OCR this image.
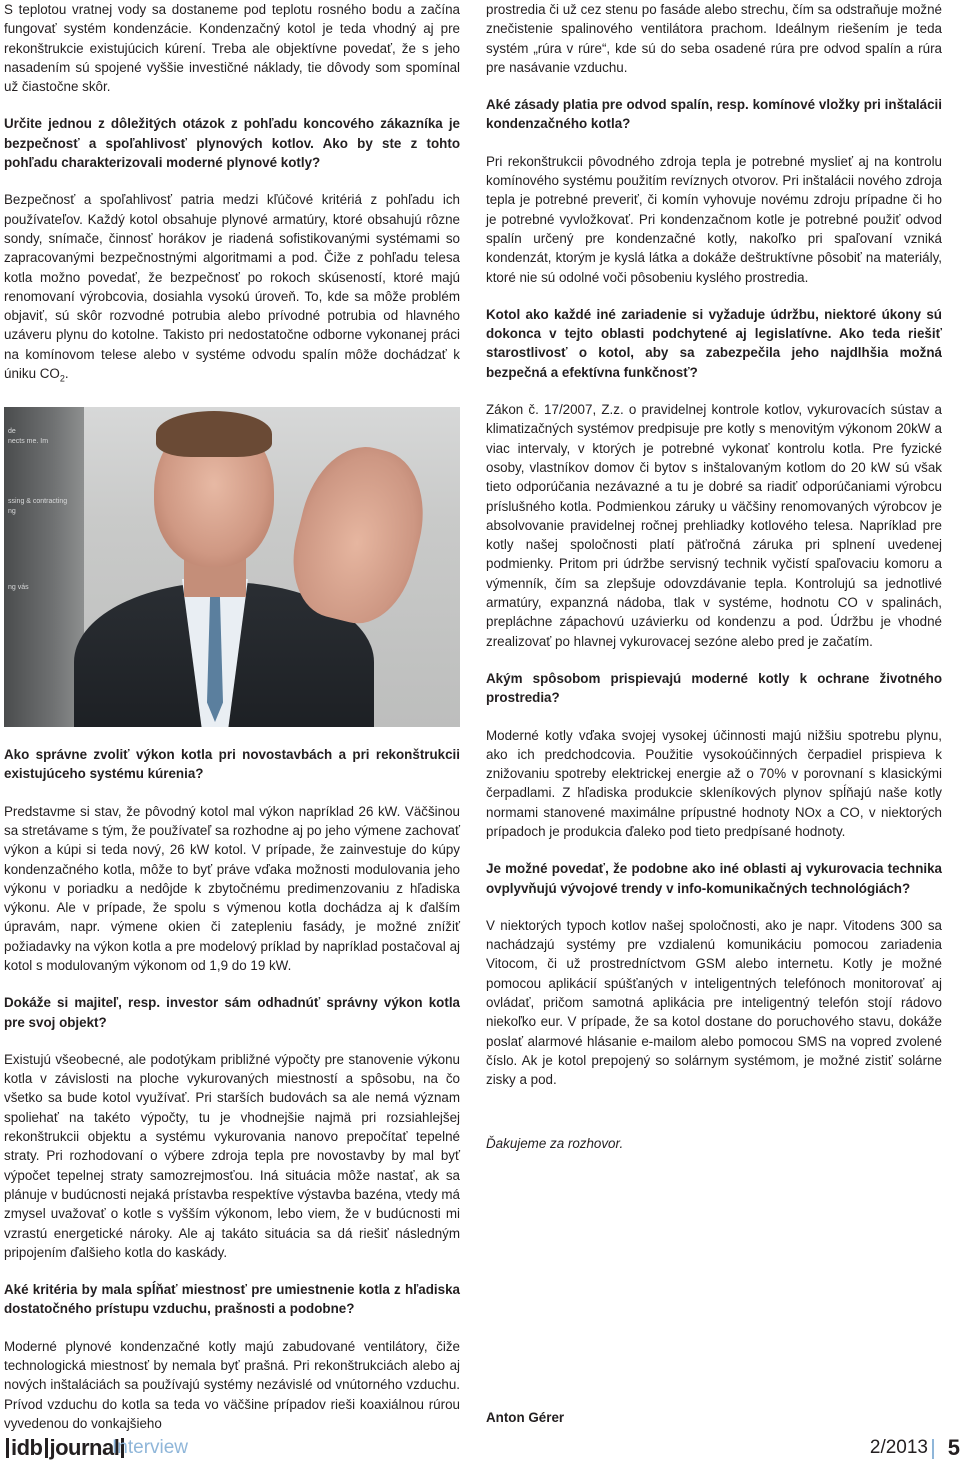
S teplotou vratnej vody sa dostaneme pod teplotu rosného bodu a začína fungovať systém kondenzácie. Kondenzačný kotol je teda vhodný aj pre rekonštrukcie existujúcich kúrení. Treba ale objektívne povedať, že s jeho nasadením sú spojené vyššie investičné náklady, tie dôvody som spomínal už čiastočne skôr.

Určite jednou z dôležitých otázok z pohľadu koncového zákazníka je bezpečnosť a spoľahlivosť plynových kotlov. Ako by ste z tohto pohľadu charakterizovali moderné plynové kotly?

Bezpečnosť a spoľahlivosť patria medzi kľúčové kritériá z pohľadu ich používateľov. Každý kotol obsahuje plynové armatúry, ktoré obsahujú rôzne sondy, snímače, činnosť horákov je riadená sofistikovanými systémami so zapracovanými bezpečnostnými algoritmami a pod. Čiže z pohľadu telesa kotla možno povedať, že bezpečnosť po rokoch skúseností, ktoré majú renomovaní výrobcovia, dosiahla vysokú úroveň. To, kde sa môže problém objaviť, sú skôr rozvodné potrubia alebo prívodné potrubia od hlavného uzáveru plynu do kotolne. Takisto pri nedostatočne odborne vykonanej práci na komínovom telese alebo v systéme odvodu spalín môže dochádzať k úniku $CO_2$.

de
nects me. Im
ssing & contracting
ng
ng vás

Ako správne zvoliť výkon kotla pri novostavbách a pri rekonštrukcii existujúceho systému kúrenia?

Predstavme si stav, že pôvodný kotol mal výkon napríklad 26 kW. Väčšinou sa stretávame s tým, že používateľ sa rozhodne aj po jeho výmene zachovať výkon a kúpi si teda nový, 26 kW kotol. V prípade, že zainvestuje do kúpy kondenzačného kotla, môže to byť práve vďaka možnosti modulovania jeho výkonu v poriadku a nedôjde k zbytočnému predimenzovaniu z hľadiska výkonu. Ale v prípade, že spolu s výmenou kotla dochádza aj k ďalším úpravám, napr. výmene okien či zatepleniu fasády, je možné znížiť požiadavky na výkon kotla a pre modelový príklad by napríklad postačoval aj kotol s modulovaným výkonom od 1,9 do 19 kW.

Dokáže si majiteľ, resp. investor sám odhadnúť správny výkon kotla pre svoj objekt?

Existujú všeobecné, ale podotýkam približné výpočty pre stanovenie výkonu kotla v závislosti na ploche vykurovaných miestností a spôsobu, na čo všetko sa bude kotol využívať. Pri starších budovách sa ale nemá význam spoliehať na takéto výpočty, tu je vhodnejšie najmä pri rozsiahlejšej rekonštrukcii objektu a systému vykurovania nanovo prepočítať tepelné straty. Pri rozhodovaní o výbere zdroja tepla pre novostavby by mal byť výpočet tepelnej straty samozrejmosťou. Iná situácia môže nastať, ak sa plánuje v budúcnosti nejaká prístavba respektíve výstavba bazéna, vtedy má zmysel uvažovať o kotle s vyšším výkonom, lebo viem, že v budúcnosti mi vzrastú energetické nároky. Ale aj takáto situácia sa dá riešiť následným pripojením ďalšieho kotla do kaskády.

Aké kritéria by mala spĺňať miestnosť pre umiestnenie kotla z hľadiska dostatočného prístupu vzduchu, prašnosti a podobne?

Moderné plynové kondenzačné kotly majú zabudované ventilátory, čiže technologická miestnosť by nemala byť prašná. Pri rekonštrukciách alebo aj nových inštaláciách sa používajú systémy nezávislé od vnútorného vzduchu. Prívod vzduchu do kotla sa teda vo väčšine prípadov rieši koaxiálnou rúrou vyvedenou do vonkajšieho

prostredia či už cez stenu po fasáde alebo strechu, čím sa odstraňuje možné znečistenie spalinového ventilátora prachom. Ideálnym riešením je teda systém „rúra v rúre“, kde sú do seba osadené rúra pre odvod spalín a rúra pre nasávanie vzduchu.

Aké zásady platia pre odvod spalín, resp. komínové vložky pri inštalácii kondenzačného kotla?

Pri rekonštrukcii pôvodného zdroja tepla je potrebné myslieť aj na kontrolu komínového systému použitím revíznych otvorov. Pri inštalácii nového zdroja tepla je potrebné preveriť, či komín vyhovuje novému zdroju prípadne či ho je potrebné vyvložkovať. Pri kondenzačnom kotle je potrebné použiť odvod spalín určený pre kondenzačné kotly, nakoľko pri spaľovaní vzniká kondenzát, ktorým je kyslá látka a dokáže deštruktívne pôsobiť na materiály, ktoré nie sú odolné voči pôsobeniu kyslého prostredia.

Kotol ako každé iné zariadenie si vyžaduje údržbu, niektoré úkony sú dokonca v tejto oblasti podchytené aj legislatívne. Ako teda riešiť starostlivosť o kotol, aby sa zabezpečila jeho najdlhšia možná bezpečná a efektívna funkčnosť?

Zákon č. 17/2007, Z.z. o pravidelnej kontrole kotlov, vykurovacích sústav a klimatizačných systémov predpisuje pre kotly s menovitým výkonom 20kW a viac intervaly, v ktorých je potrebné vykonať kontrolu kotla. Pre fyzické osoby, vlastníkov domov či bytov s inštalovaným kotlom do 20 kW sú však tieto odporúčania nezávazné a tu je dobré sa riadiť odporúčaniami výrobcu príslušného kotla. Podmienkou záruky u väčšiny renomovaných výrobcov je absolvovanie pravidelnej ročnej prehliadky kotlového telesa. Napríklad pre kotly našej spoločnosti platí päťročná záruka pri splnení uvedenej podmienky. Pritom pri údržbe servisný technik vyčistí spaľovaciu komoru a výmenník, čím sa zlepšuje odovzdávanie tepla. Kontrolujú sa jednotlivé armatúry, expanzná nádoba, tlak v systéme, hodnotu CO v spalinách, prepláchne zápachovú uzávierku od kondenzu a pod. Údržbu je vhodné zrealizovať po hlavnej vykurovacej sezóne alebo pred je začatím.

Akým spôsobom prispievajú moderné kotly k ochrane životného prostredia?

Moderné kotly vďaka svojej vysokej účinnosti majú nižšiu spotrebu plynu, ako ich predchodcovia. Použitie vysokoúčinných čerpadiel prispieva k znižovaniu spotreby elektrickej energie až o 70% v porovnaní s klasickými čerpadlami. Z hľadiska produkcie skleníkových plynov spĺňajú naše kotly normami stanovené maximálne prípustné hodnoty NOx a CO, v niektorých prípadoch je produkcia ďaleko pod tieto predpísané hodnoty.

Je možné povedať, že podobne ako iné oblasti aj vykurovacia technika ovplyvňujú vývojové trendy v info-komunikačných technológiách?

V niektorých typoch kotlov našej spoločnosti, ako je napr. Vitodens 300 sa nachádzajú systémy pre vzdialenú komunikáciu pomocou zariadenia Vitocom, či už prostredníctvom GSM alebo internetu. Kotly je možné pomocou aplikácií spúšťaných v inteligentných telefónoch monitorovať aj ovládať, pričom samotná aplikácia pre inteligentný telefón stojí rádovo niekoľko eur. V prípade, že sa kotol dostane do poruchového stavu, dokáže poslať alarmové hlásanie e-mailom alebo pomocou SMS na vopred zvolené číslo. Ak je kotol prepojený so solárnym systémom, je možné zistiť solárne zisky a pod.

Ďakujeme za rozhovor.

Anton Gérer

idb journal
Interview	2/2013 5
